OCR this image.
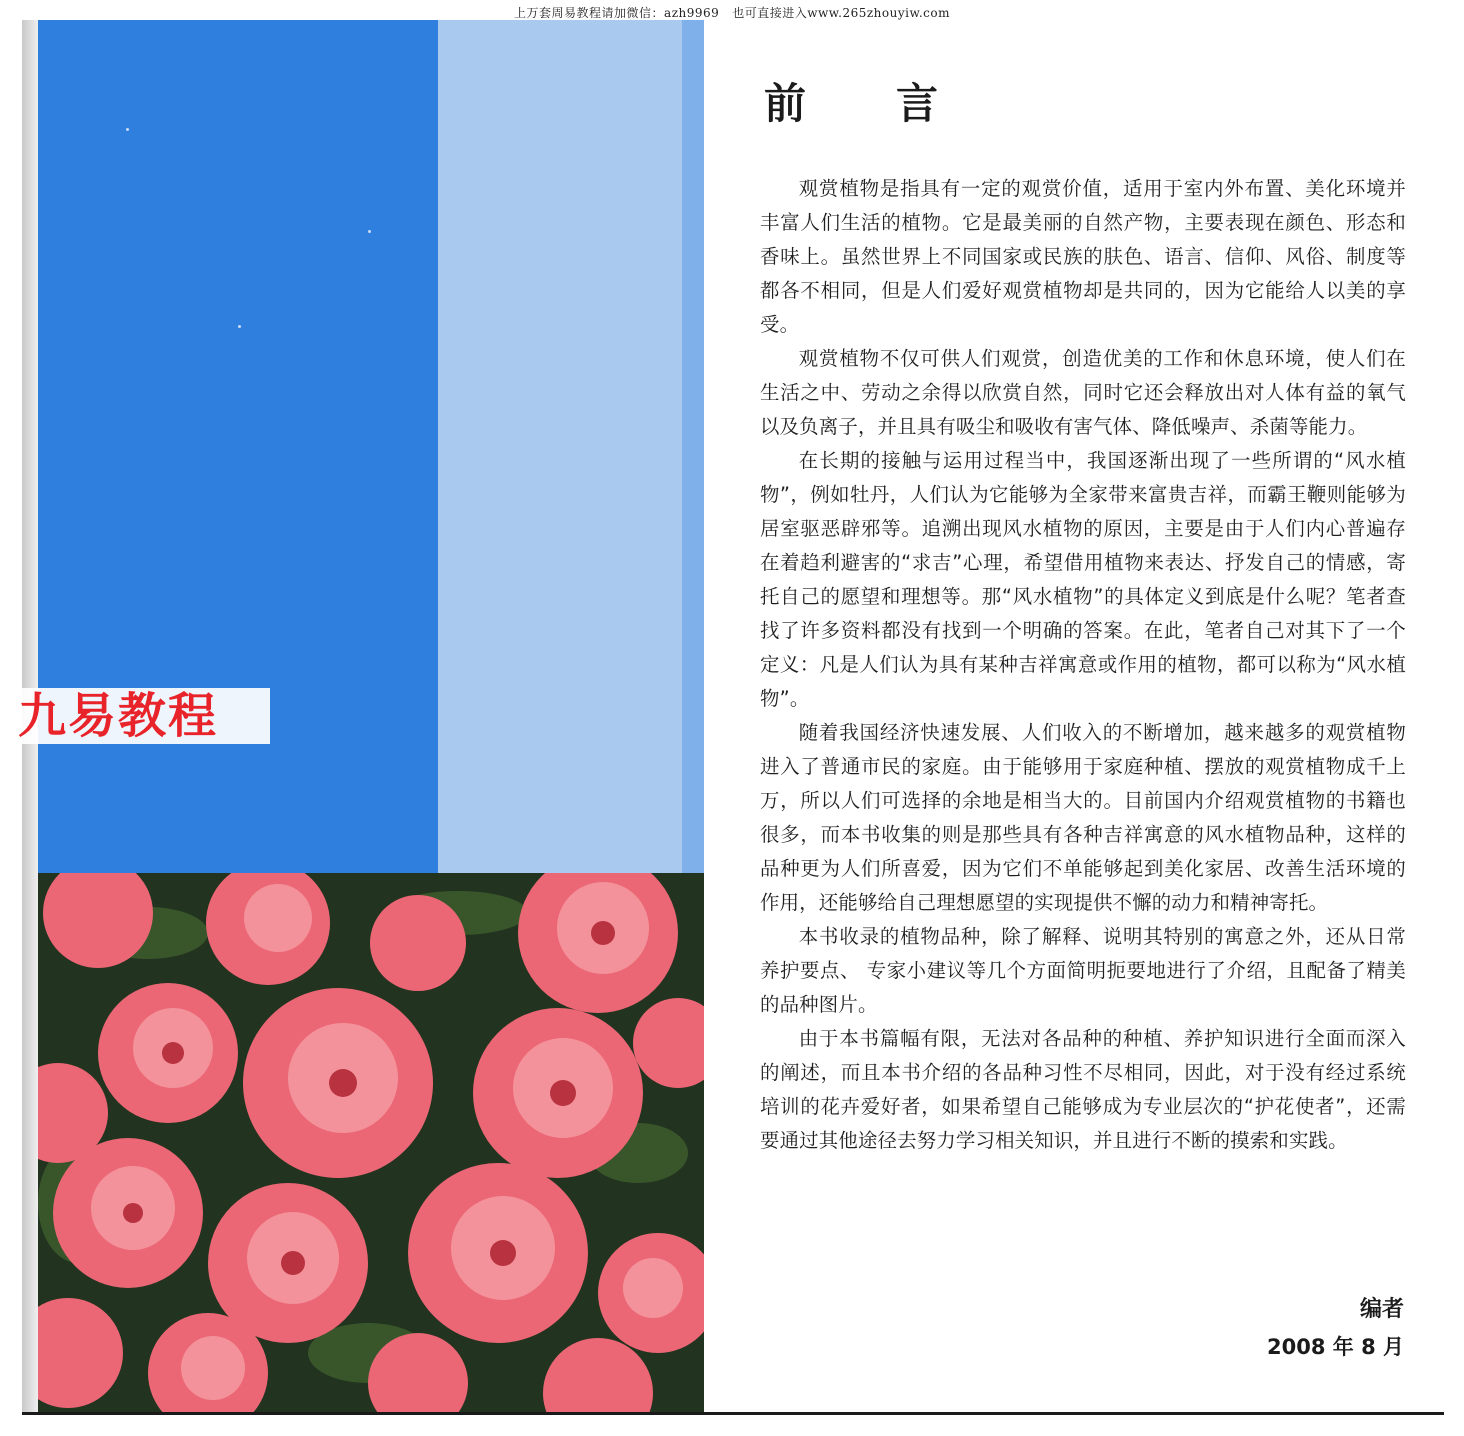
上万套周易教程请加微信：azh9969   也可直接进入www.265zhouyiw.com
九易教程
前言

观赏植物是指具有一定的观赏价值，适用于室内外布置、美化环境并丰富人们生活的植物。它是最美丽的自然产物，主要表现在颜色、形态和香味上。虽然世界上不同国家或民族的肤色、语言、信仰、风俗、制度等都各不相同，但是人们爱好观赏植物却是共同的，因为它能给人以美的享受。

观赏植物不仅可供人们观赏，创造优美的工作和休息环境，使人们在生活之中、劳动之余得以欣赏自然，同时它还会释放出对人体有益的氧气以及负离子，并且具有吸尘和吸收有害气体、降低噪声、杀菌等能力。

在长期的接触与运用过程当中，我国逐渐出现了一些所谓的“风水植物”，例如牡丹，人们认为它能够为全家带来富贵吉祥，而霸王鞭则能够为居室驱恶辟邪等。追溯出现风水植物的原因，主要是由于人们内心普遍存在着趋利避害的“求吉”心理，希望借用植物来表达、抒发自己的情感，寄托自己的愿望和理想等。那“风水植物”的具体定义到底是什么呢？笔者查找了许多资料都没有找到一个明确的答案。在此，笔者自己对其下了一个定义：凡是人们认为具有某种吉祥寓意或作用的植物，都可以称为“风水植物”。

随着我国经济快速发展、人们收入的不断增加，越来越多的观赏植物进入了普通市民的家庭。由于能够用于家庭种植、摆放的观赏植物成千上万，所以人们可选择的余地是相当大的。目前国内介绍观赏植物的书籍也很多，而本书收集的则是那些具有各种吉祥寓意的风水植物品种，这样的品种更为人们所喜爱，因为它们不单能够起到美化家居、改善生活环境的作用，还能够给自己理想愿望的实现提供不懈的动力和精神寄托。

本书收录的植物品种，除了解释、说明其特别的寓意之外，还从日常养护要点、 专家小建议等几个方面简明扼要地进行了介绍，且配备了精美的品种图片。

由于本书篇幅有限，无法对各品种的种植、养护知识进行全面而深入的阐述，而且本书介绍的各品种习性不尽相同，因此，对于没有经过系统培训的花卉爱好者，如果希望自己能够成为专业层次的“护花使者”，还需要通过其他途径去努力学习相关知识，并且进行不断的摸索和实践。

编者
2008 年 8 月
